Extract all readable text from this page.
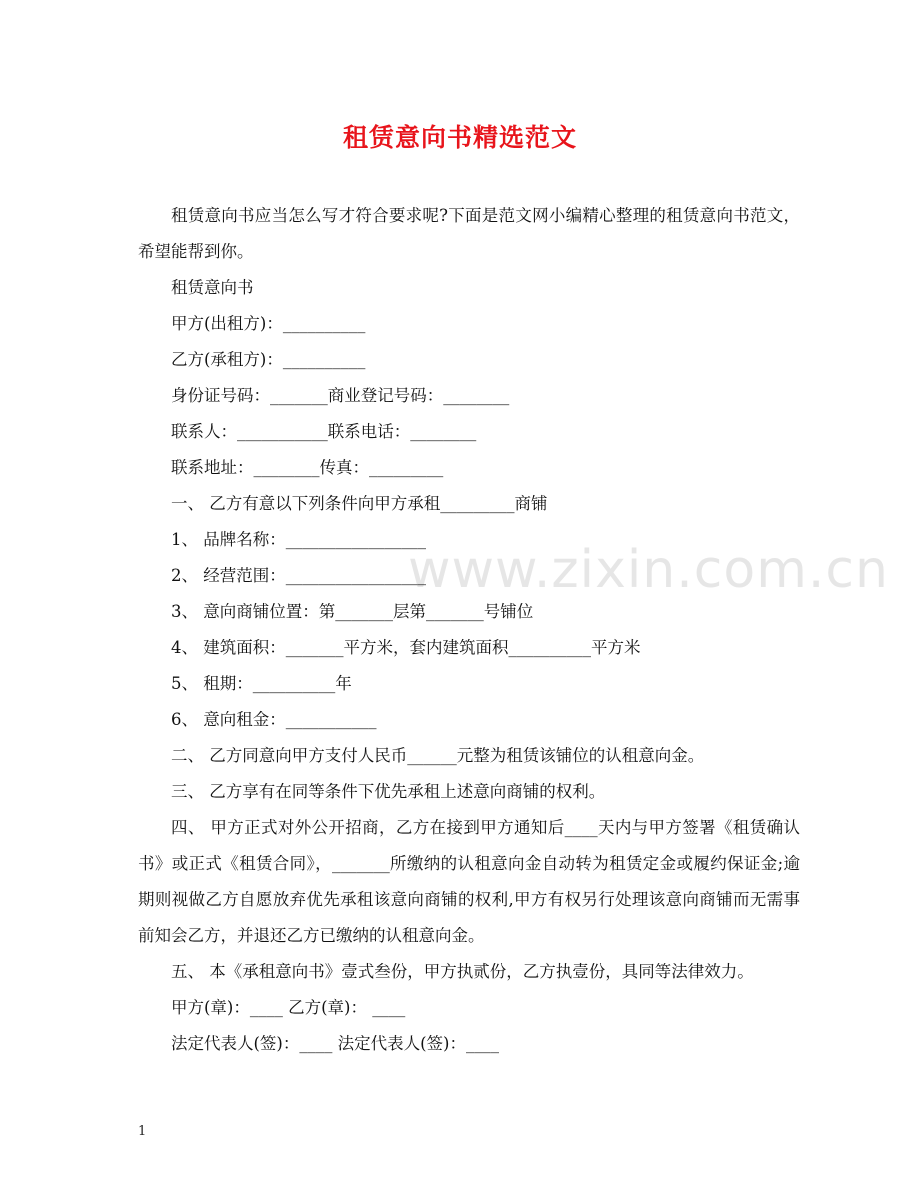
租赁意向书精选范文
www.zixin.com.cn

租赁意向书应当怎么写才符合要求呢?下面是范文网小编精心整理的租赁意向书范文，希望能帮到你。

租赁意向书

甲方(出租方)：__________

乙方(承租方)：__________

身份证号码：_______商业登记号码：________

联系人：___________联系电话：________

联系地址：________传真：_________

一、 乙方有意以下列条件向甲方承租_________商铺

1、 品牌名称：_________________

2、 经营范围：_________________

3、 意向商铺位置：第_______层第_______号铺位

4、 建筑面积：_______平方米，套内建筑面积__________平方米

5、 租期：__________年

6、 意向租金：___________

二、 乙方同意向甲方支付人民币______元整为租赁该铺位的认租意向金。

三、 乙方享有在同等条件下优先承租上述意向商铺的权利。

四、 甲方正式对外公开招商，乙方在接到甲方通知后____天内与甲方签署《租赁确认书》或正式《租赁合同》，_______所缴纳的认租意向金自动转为租赁定金或履约保证金;逾期则视做乙方自愿放弃优先承租该意向商铺的权利,甲方有权另行处理该意向商铺而无需事前知会乙方，并退还乙方已缴纳的认租意向金。

五、 本《承租意向书》壹式叁份，甲方执贰份，乙方执壹份，具同等法律效力。

甲方(章)：____ 乙方(章)： ____

法定代表人(签)：____ 法定代表人(签)：____

1
